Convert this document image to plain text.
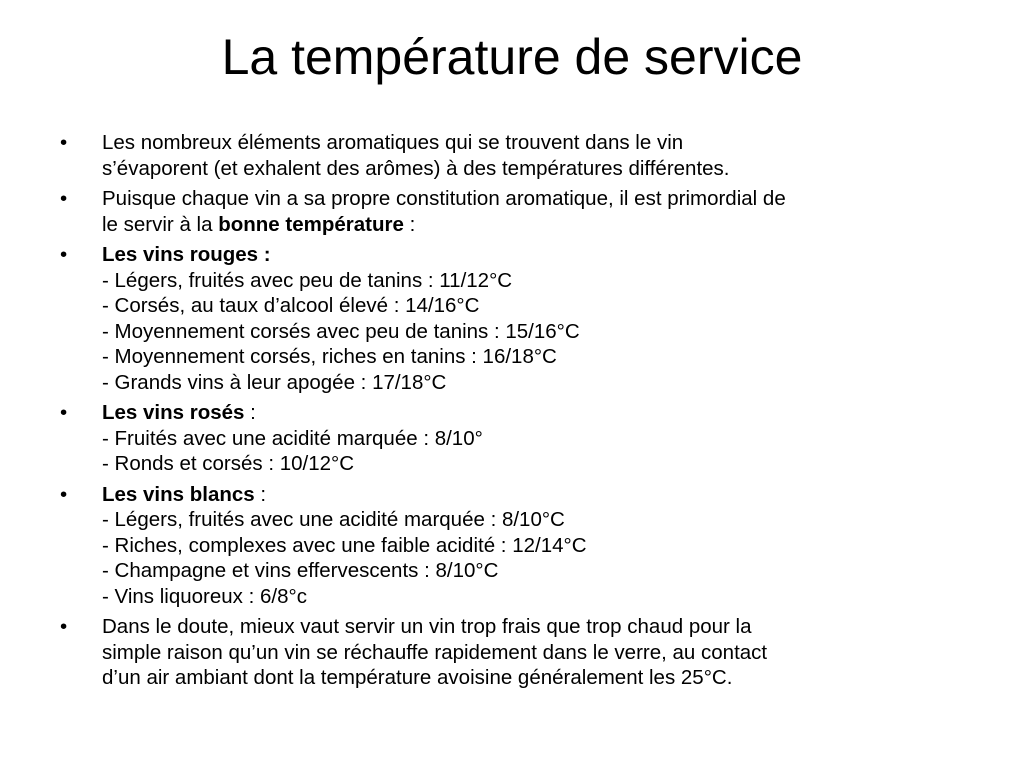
La température de service
•	Les nombreux éléments aromatiques qui se trouvent dans le vin
s’évaporent (et exhalent des arômes) à des températures différentes.
•	Puisque chaque vin a sa propre constitution aromatique, il est primordial de
le servir à la bonne température :
•	Les vins rouges :
- Légers, fruités avec peu de tanins : 11/12°C
- Corsés, au taux d’alcool élevé : 14/16°C
- Moyennement corsés avec peu de tanins : 15/16°C
- Moyennement corsés, riches en tanins : 16/18°C
- Grands vins à leur apogée : 17/18°C
•	Les vins rosés :
- Fruités avec une acidité marquée : 8/10°
- Ronds et corsés : 10/12°C
•	Les vins blancs :
- Légers, fruités avec une acidité marquée : 8/10°C
- Riches, complexes avec une faible acidité : 12/14°C
- Champagne et vins effervescents : 8/10°C
- Vins liquoreux : 6/8°c
•	Dans le doute, mieux vaut servir un vin trop frais que trop chaud pour la
simple raison qu’un vin se réchauffe rapidement dans le verre, au contact
d’un air ambiant dont la température avoisine généralement les 25°C.
